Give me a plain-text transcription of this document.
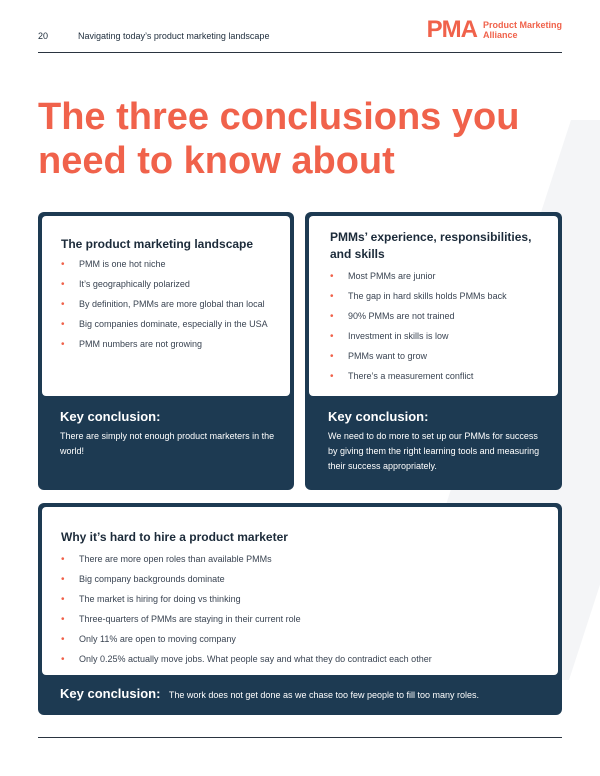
20	Navigating today’s product marketing landscape	PMA Product Marketing
Alliance
The three conclusions you need to know about

The product marketing landscape

• PMM is one hot niche
• It’s geographically polarized
• By definition, PMMs are more global than local
• Big companies dominate, especially in the USA
• PMM numbers are not growing
Key conclusion:
There are simply not enough product marketers in the world!

PMMs’ experience, responsibilities, and skills

• Most PMMs are junior
• The gap in hard skills holds PMMs back
• 90% PMMs are not trained
• Investment in skills is low
• PMMs want to grow
• There’s a measurement conflict
Key conclusion:
We need to do more to set up our PMMs for success by giving them the right learning tools and measuring their success appropriately.

Why it’s hard to hire a product marketer

• There are more open roles than available PMMs
• Big company backgrounds dominate
• The market is hiring for doing vs thinking
• Three-quarters of PMMs are staying in their current role
• Only 11% are open to moving company
• Only 0.25% actually move jobs. What people say and what they do contradict each other
Key conclusion: The work does not get done as we chase too few people to fill too many roles.
